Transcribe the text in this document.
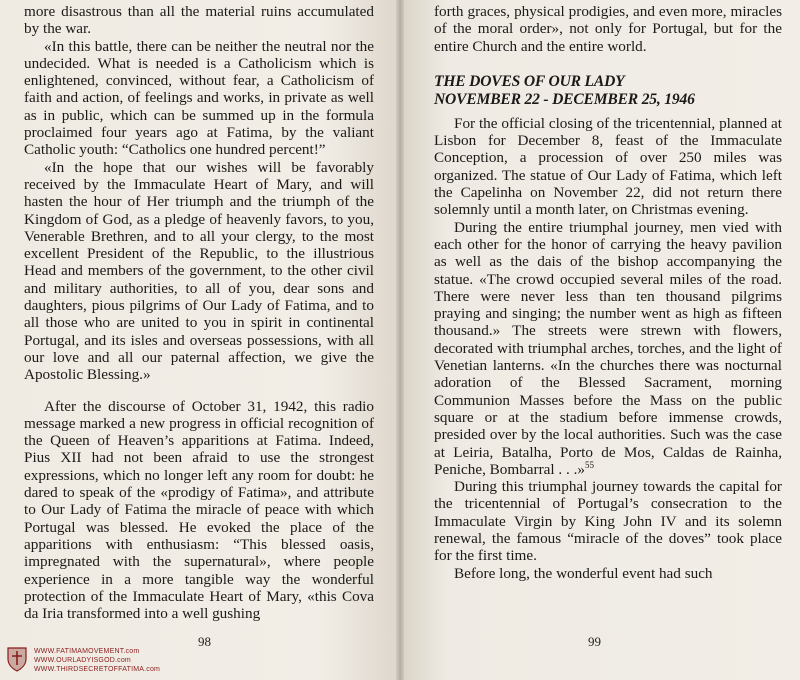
more disastrous than all the material ruins accumulated by the war.

«In this battle, there can be neither the neutral nor the undecided. What is needed is a Catholicism which is enlightened, convinced, without fear, a Catholicism of faith and action, of feelings and works, in private as well as in public, which can be summed up in the formula proclaimed four years ago at Fatima, by the valiant Catholic youth: “Catholics one hundred percent!”

«In the hope that our wishes will be favorably received by the Immaculate Heart of Mary, and will hasten the hour of Her triumph and the triumph of the Kingdom of God, as a pledge of heavenly favors, to you, Venerable Brethren, and to all your clergy, to the most excellent President of the Republic, to the illustrious Head and members of the government, to the other civil and military authorities, to all of you, dear sons and daughters, pious pilgrims of Our Lady of Fatima, and to all those who are united to you in spirit in continental Portugal, and its isles and overseas possessions, with all our love and all our paternal affection, we give the Apostolic Blessing.»

After the discourse of October 31, 1942, this radio message marked a new progress in official recognition of the Queen of Heaven’s apparitions at Fatima. Indeed, Pius XII had not been afraid to use the strongest expressions, which no longer left any room for doubt: he dared to speak of the «prodigy of Fatima», and attribute to Our Lady of Fatima the miracle of peace with which Portugal was blessed. He evoked the place of the apparitions with enthusiasm: “This blessed oasis, impregnated with the supernatural», where people experience in a more tangible way the wonderful protection of the Immaculate Heart of Mary, «this Cova da Iria transformed into a well gushing

98

forth graces, physical prodigies, and even more, miracles of the moral order», not only for Portugal, but for the entire Church and the entire world.

THE DOVES OF OUR LADY
NOVEMBER 22 - DECEMBER 25, 1946

For the official closing of the tricentennial, planned at Lisbon for December 8, feast of the Immaculate Conception, a procession of over 250 miles was organized. The statue of Our Lady of Fatima, which left the Capelinha on November 22, did not return there solemnly until a month later, on Christmas evening.

During the entire triumphal journey, men vied with each other for the honor of carrying the heavy pavilion as well as the dais of the bishop accompanying the statue. «The crowd occupied several miles of the road. There were never less than ten thousand pilgrims praying and singing; the number went as high as fifteen thousand.» The streets were strewn with flowers, decorated with triumphal arches, torches, and the light of Venetian lanterns. «In the churches there was nocturnal adoration of the Blessed Sacrament, morning Communion Masses before the Mass on the public square or at the stadium before immense crowds, presided over by the local authorities. Such was the case at Leiria, Batalha, Porto de Mos, Caldas de Rainha, Peniche, Bombarral . . .»$^{55}$

During this triumphal journey towards the capital for the tricentennial of Portugal’s consecration to the Immaculate Virgin by King John IV and its solemn renewal, the famous “miracle of the doves” took place for the first time.

Before long, the wonderful event had such

99
WWW.FATIMAMOVEMENT.com
WWW.OURLADYISGOD.com
WWW.THIRDSECRETOFFATIMA.com
